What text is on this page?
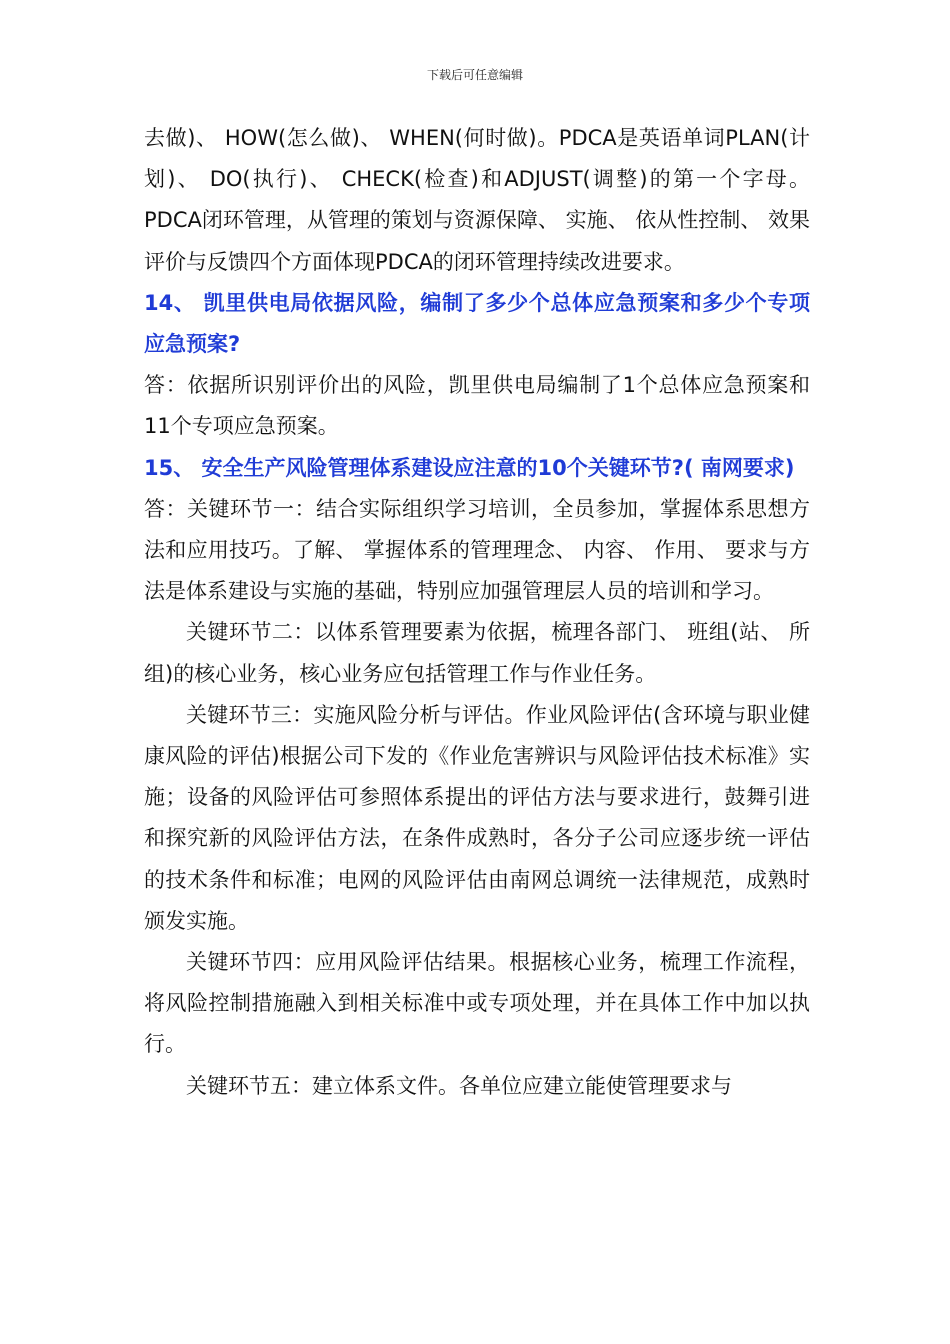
下载后可任意编辑

去做)、 HOW(怎么做)、 WHEN(何时做)。PDCA是英语单词PLAN(计划)、 DO(执行)、 CHECK(检查)和ADJUST(调整)的第一个字母。PDCA闭环管理，从管理的策划与资源保障、 实施、 依从性控制、 效果评价与反馈四个方面体现PDCA的闭环管理持续改进要求。

14、 凯里供电局依据风险，编制了多少个总体应急预案和多少个专项应急预案?

答：依据所识别评价出的风险，凯里供电局编制了1个总体应急预案和11个专项应急预案。

15、 安全生产风险管理体系建设应注意的10个关键环节?( 南网要求)

答：关键环节一：结合实际组织学习培训，全员参加，掌握体系思想方法和应用技巧。了解、 掌握体系的管理理念、 内容、 作用、 要求与方法是体系建设与实施的基础，特别应加强管理层人员的培训和学习。

关键环节二：以体系管理要素为依据，梳理各部门、 班组(站、 所组)的核心业务，核心业务应包括管理工作与作业任务。

关键环节三：实施风险分析与评估。作业风险评估(含环境与职业健康风险的评估)根据公司下发的《作业危害辨识与风险评估技术标准》实施；设备的风险评估可参照体系提出的评估方法与要求进行，鼓舞引进和探究新的风险评估方法，在条件成熟时，各分子公司应逐步统一评估的技术条件和标准；电网的风险评估由南网总调统一法律规范，成熟时颁发实施。

关键环节四：应用风险评估结果。根据核心业务，梳理工作流程，将风险控制措施融入到相关标准中或专项处理，并在具体工作中加以执行。

关键环节五：建立体系文件。各单位应建立能使管理要求与
